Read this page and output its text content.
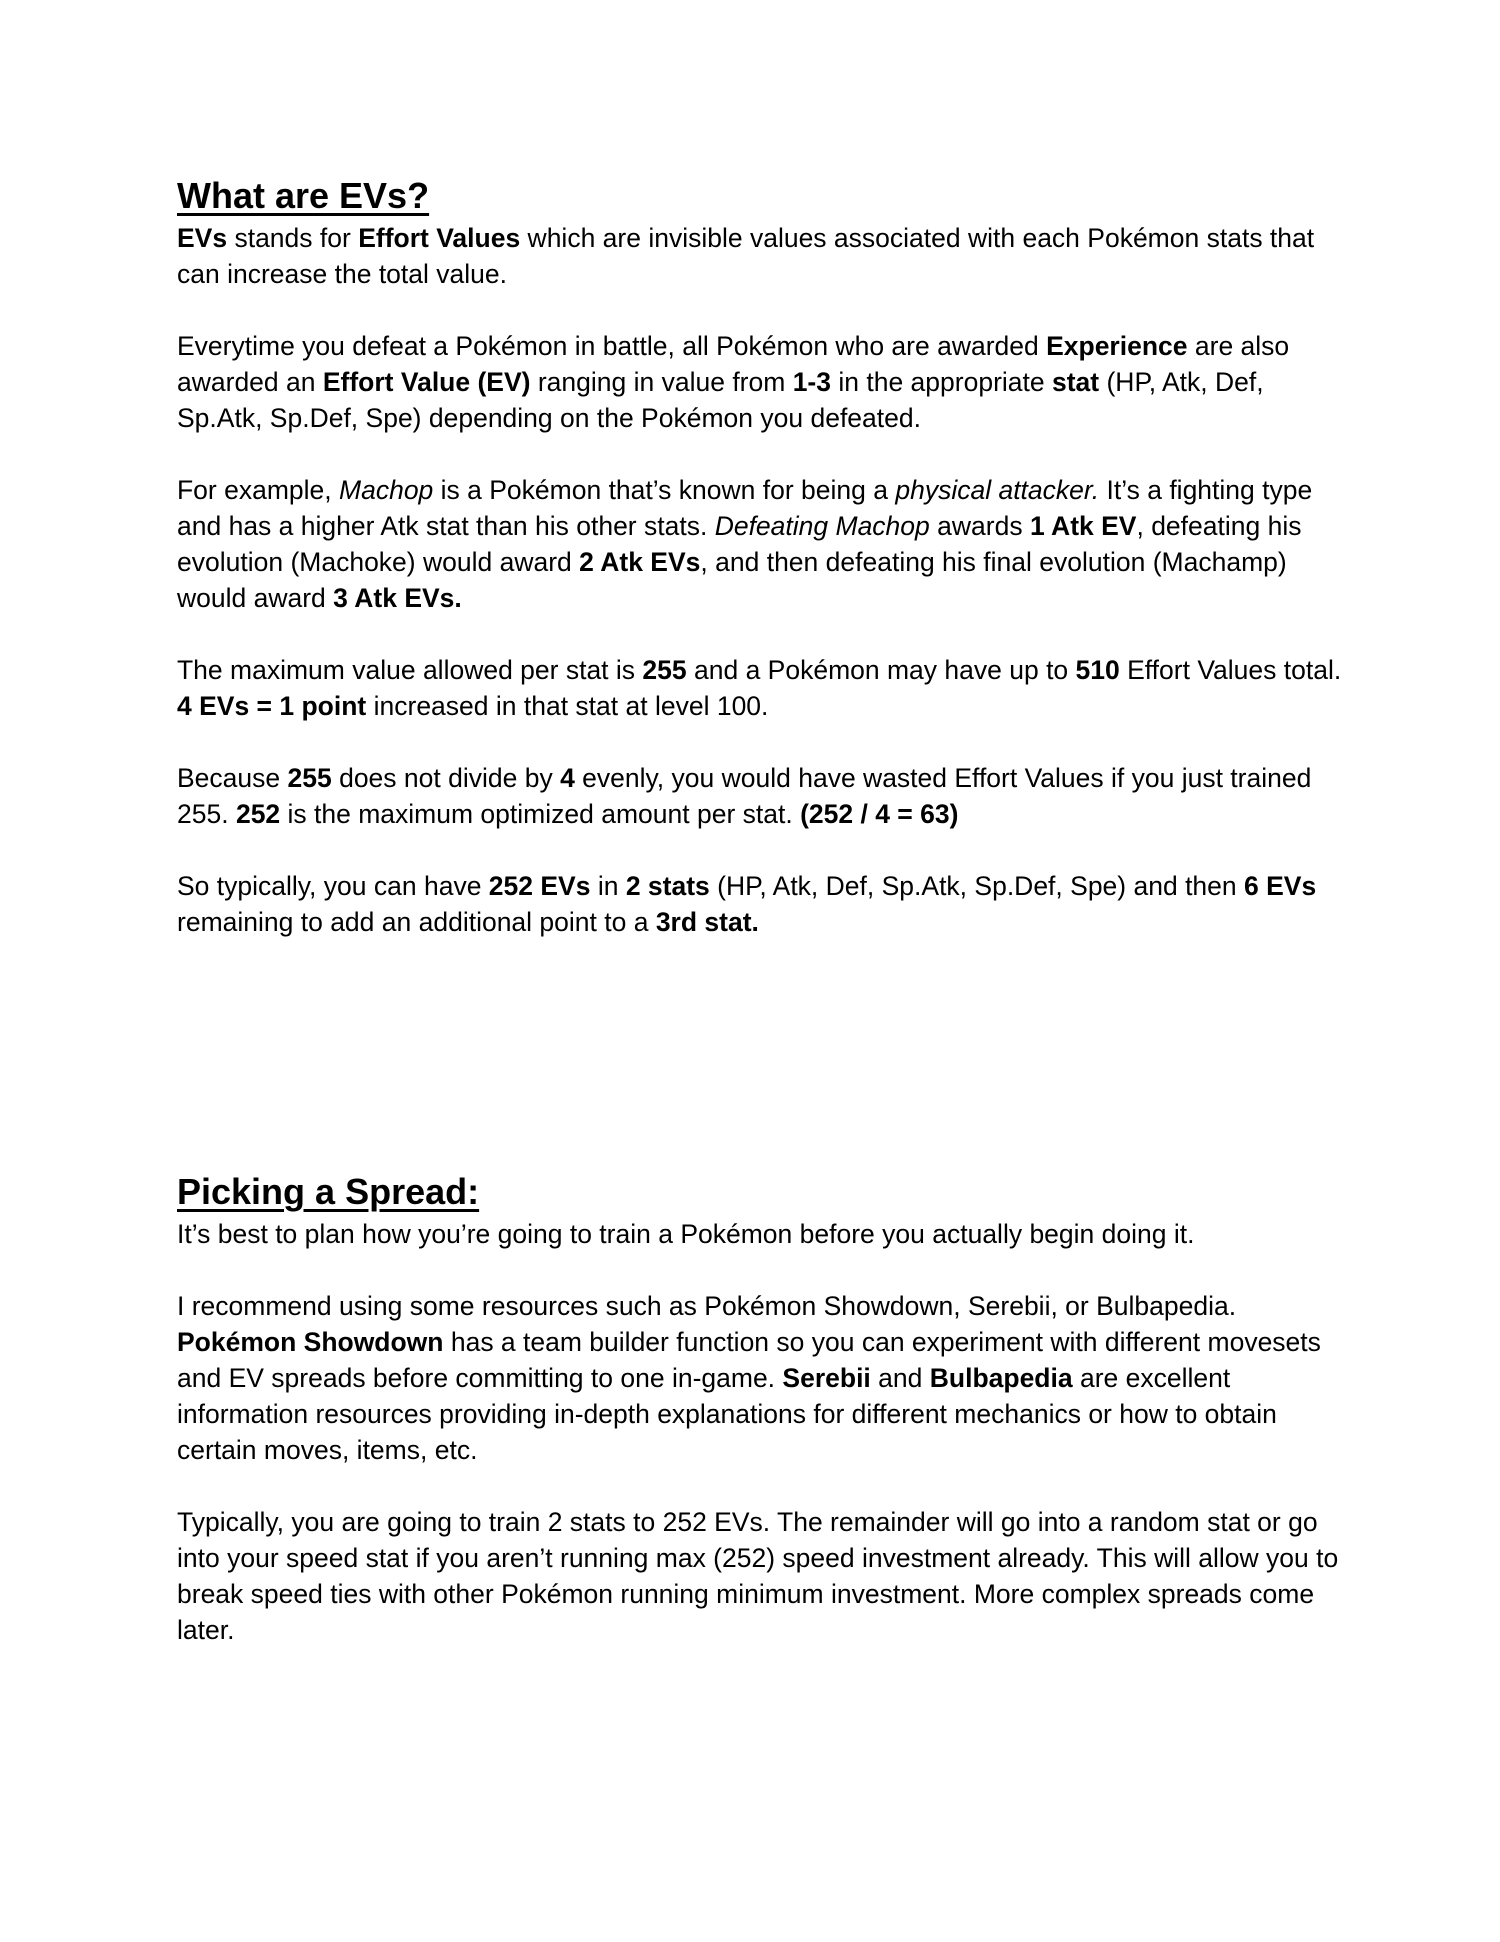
What are EVs?

EVs stands for Effort Values which are invisible values associated with each Pokémon stats that can increase the total value.

Everytime you defeat a Pokémon in battle, all Pokémon who are awarded Experience are also awarded an Effort Value (EV) ranging in value from 1-3 in the appropriate stat (HP, Atk, Def, Sp.Atk, Sp.Def, Spe) depending on the Pokémon you defeated.

For example, Machop is a Pokémon that’s known for being a physical attacker. It’s a fighting type and has a higher Atk stat than his other stats. Defeating Machop awards 1 Atk EV, defeating his evolution (Machoke) would award 2 Atk EVs, and then defeating his final evolution (Machamp) would award 3 Atk EVs.

The maximum value allowed per stat is 255 and a Pokémon may have up to 510 Effort Values total. 4 EVs = 1 point increased in that stat at level 100.

Because 255 does not divide by 4 evenly, you would have wasted Effort Values if you just trained 255. 252 is the maximum optimized amount per stat. (252 / 4 = 63)

So typically, you can have 252 EVs in 2 stats (HP, Atk, Def, Sp.Atk, Sp.Def, Spe) and then 6 EVs remaining to add an additional point to a 3rd stat.

Picking a Spread:

It’s best to plan how you’re going to train a Pokémon before you actually begin doing it.

I recommend using some resources such as Pokémon Showdown, Serebii, or Bulbapedia. Pokémon Showdown has a team builder function so you can experiment with different movesets and EV spreads before committing to one in-game. Serebii and Bulbapedia are excellent information resources providing in-depth explanations for different mechanics or how to obtain certain moves, items, etc.

Typically, you are going to train 2 stats to 252 EVs. The remainder will go into a random stat or go into your speed stat if you aren’t running max (252) speed investment already. This will allow you to break speed ties with other Pokémon running minimum investment. More complex spreads come later.
